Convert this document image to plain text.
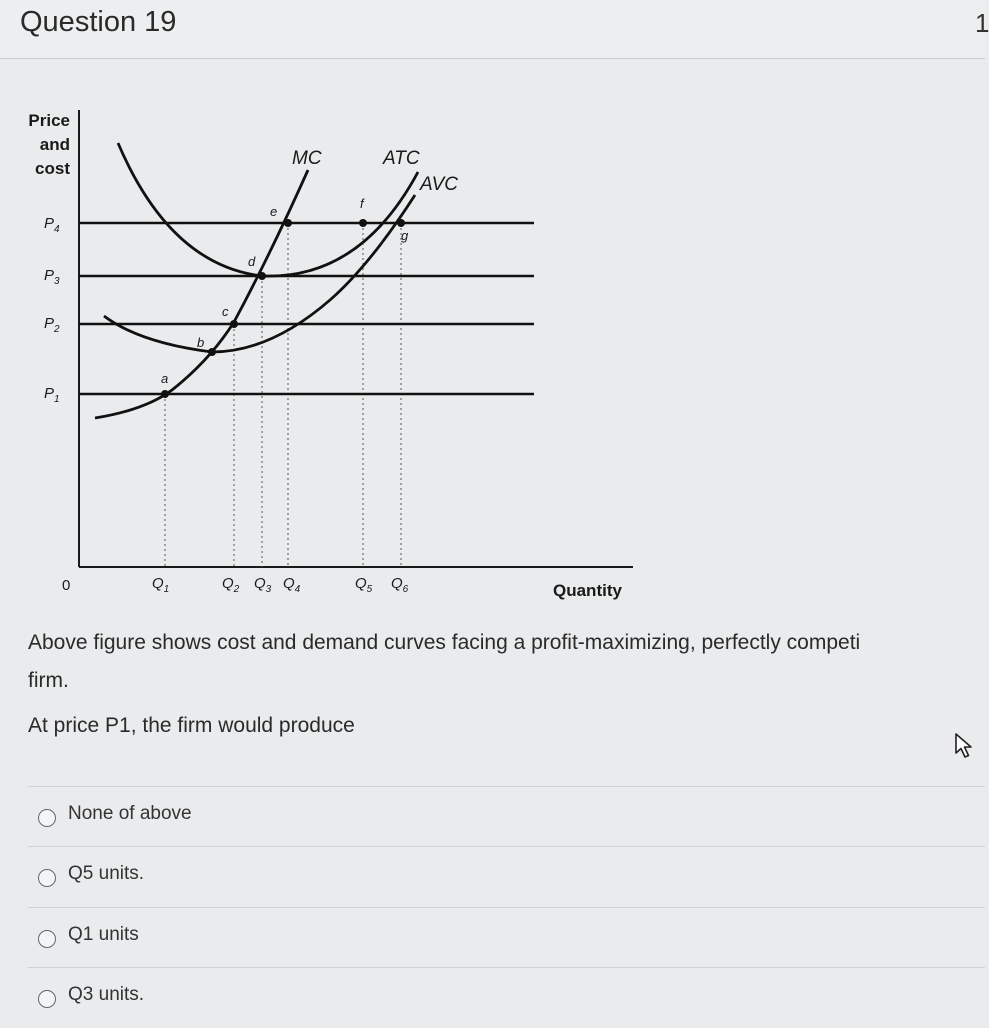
Question 19	1
Price
and
cost
a
b
c
d
e
f
g
MC	ATC
AVC
$P_4$
$P_3$
$P_2$
$P_1$
0	$Q_1$	$Q_2$ $Q_3$ $Q_4$	$Q_5$ $Q_6$	Quantity

Above figure shows cost and demand curves facing a profit-maximizing, perfectly competi

firm.

At price P1, the firm would produce
None of above
Q5 units.
Q1 units
Q3 units.
